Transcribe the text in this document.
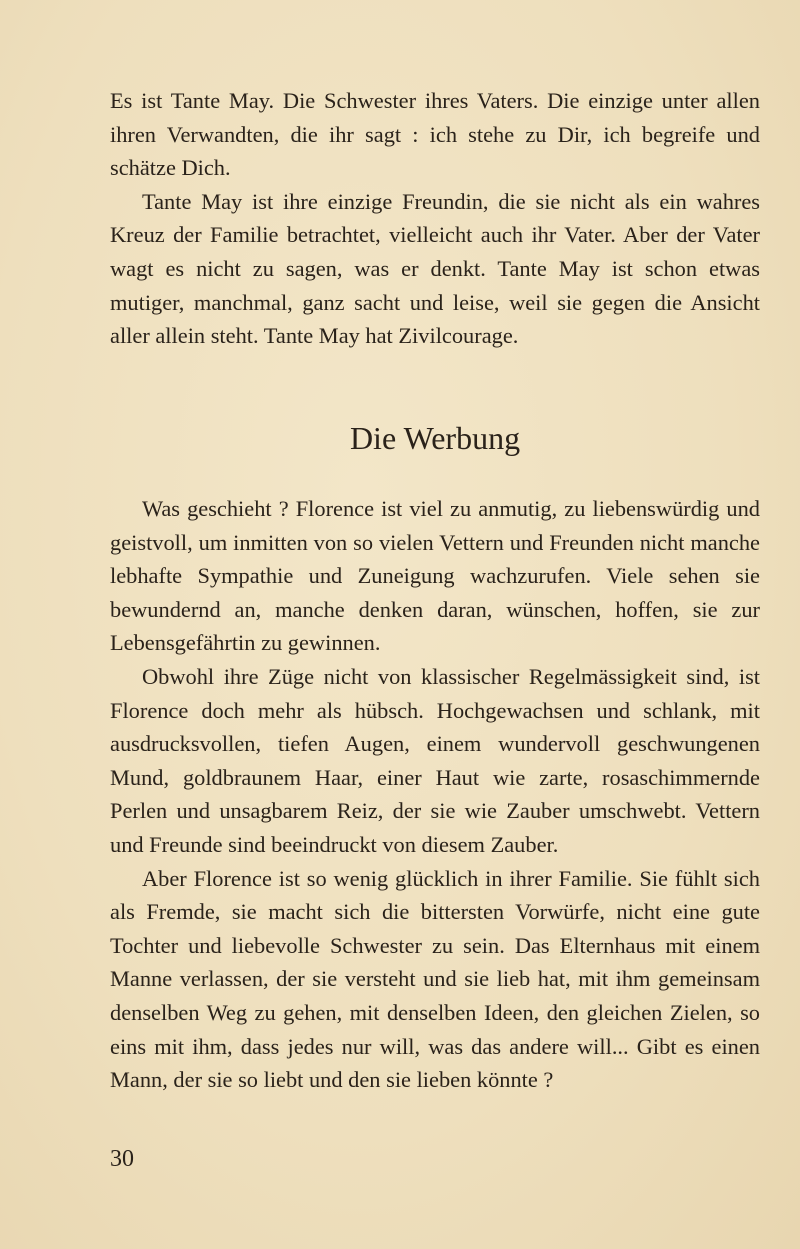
Es ist Tante May. Die Schwester ihres Vaters. Die einzige unter allen ihren Verwandten, die ihr sagt : ich stehe zu Dir, ich begreife und schätze Dich.

Tante May ist ihre einzige Freundin, die sie nicht als ein wahres Kreuz der Familie betrachtet, vielleicht auch ihr Vater. Aber der Vater wagt es nicht zu sagen, was er denkt. Tante May ist schon etwas mutiger, manchmal, ganz sacht und leise, weil sie gegen die Ansicht aller allein steht. Tante May hat Zivilcourage.

Die Werbung

Was geschieht ? Florence ist viel zu anmutig, zu liebenswürdig und geistvoll, um inmitten von so vielen Vettern und Freunden nicht manche lebhafte Sympathie und Zuneigung wachzurufen. Viele sehen sie bewundernd an, manche denken daran, wünschen, hoffen, sie zur Lebensgefährtin zu gewinnen.

Obwohl ihre Züge nicht von klassischer Regelmässigkeit sind, ist Florence doch mehr als hübsch. Hochgewachsen und schlank, mit ausdrucksvollen, tiefen Augen, einem wundervoll geschwungenen Mund, goldbraunem Haar, einer Haut wie zarte, rosaschimmernde Perlen und unsagbarem Reiz, der sie wie Zauber umschwebt. Vettern und Freunde sind beeindruckt von diesem Zauber.

Aber Florence ist so wenig glücklich in ihrer Familie. Sie fühlt sich als Fremde, sie macht sich die bittersten Vorwürfe, nicht eine gute Tochter und liebevolle Schwester zu sein. Das Elternhaus mit einem Manne verlassen, der sie versteht und sie lieb hat, mit ihm gemeinsam denselben Weg zu gehen, mit denselben Ideen, den gleichen Zielen, so eins mit ihm, dass jedes nur will, was das andere will... Gibt es einen Mann, der sie so liebt und den sie lieben könnte ?

30
